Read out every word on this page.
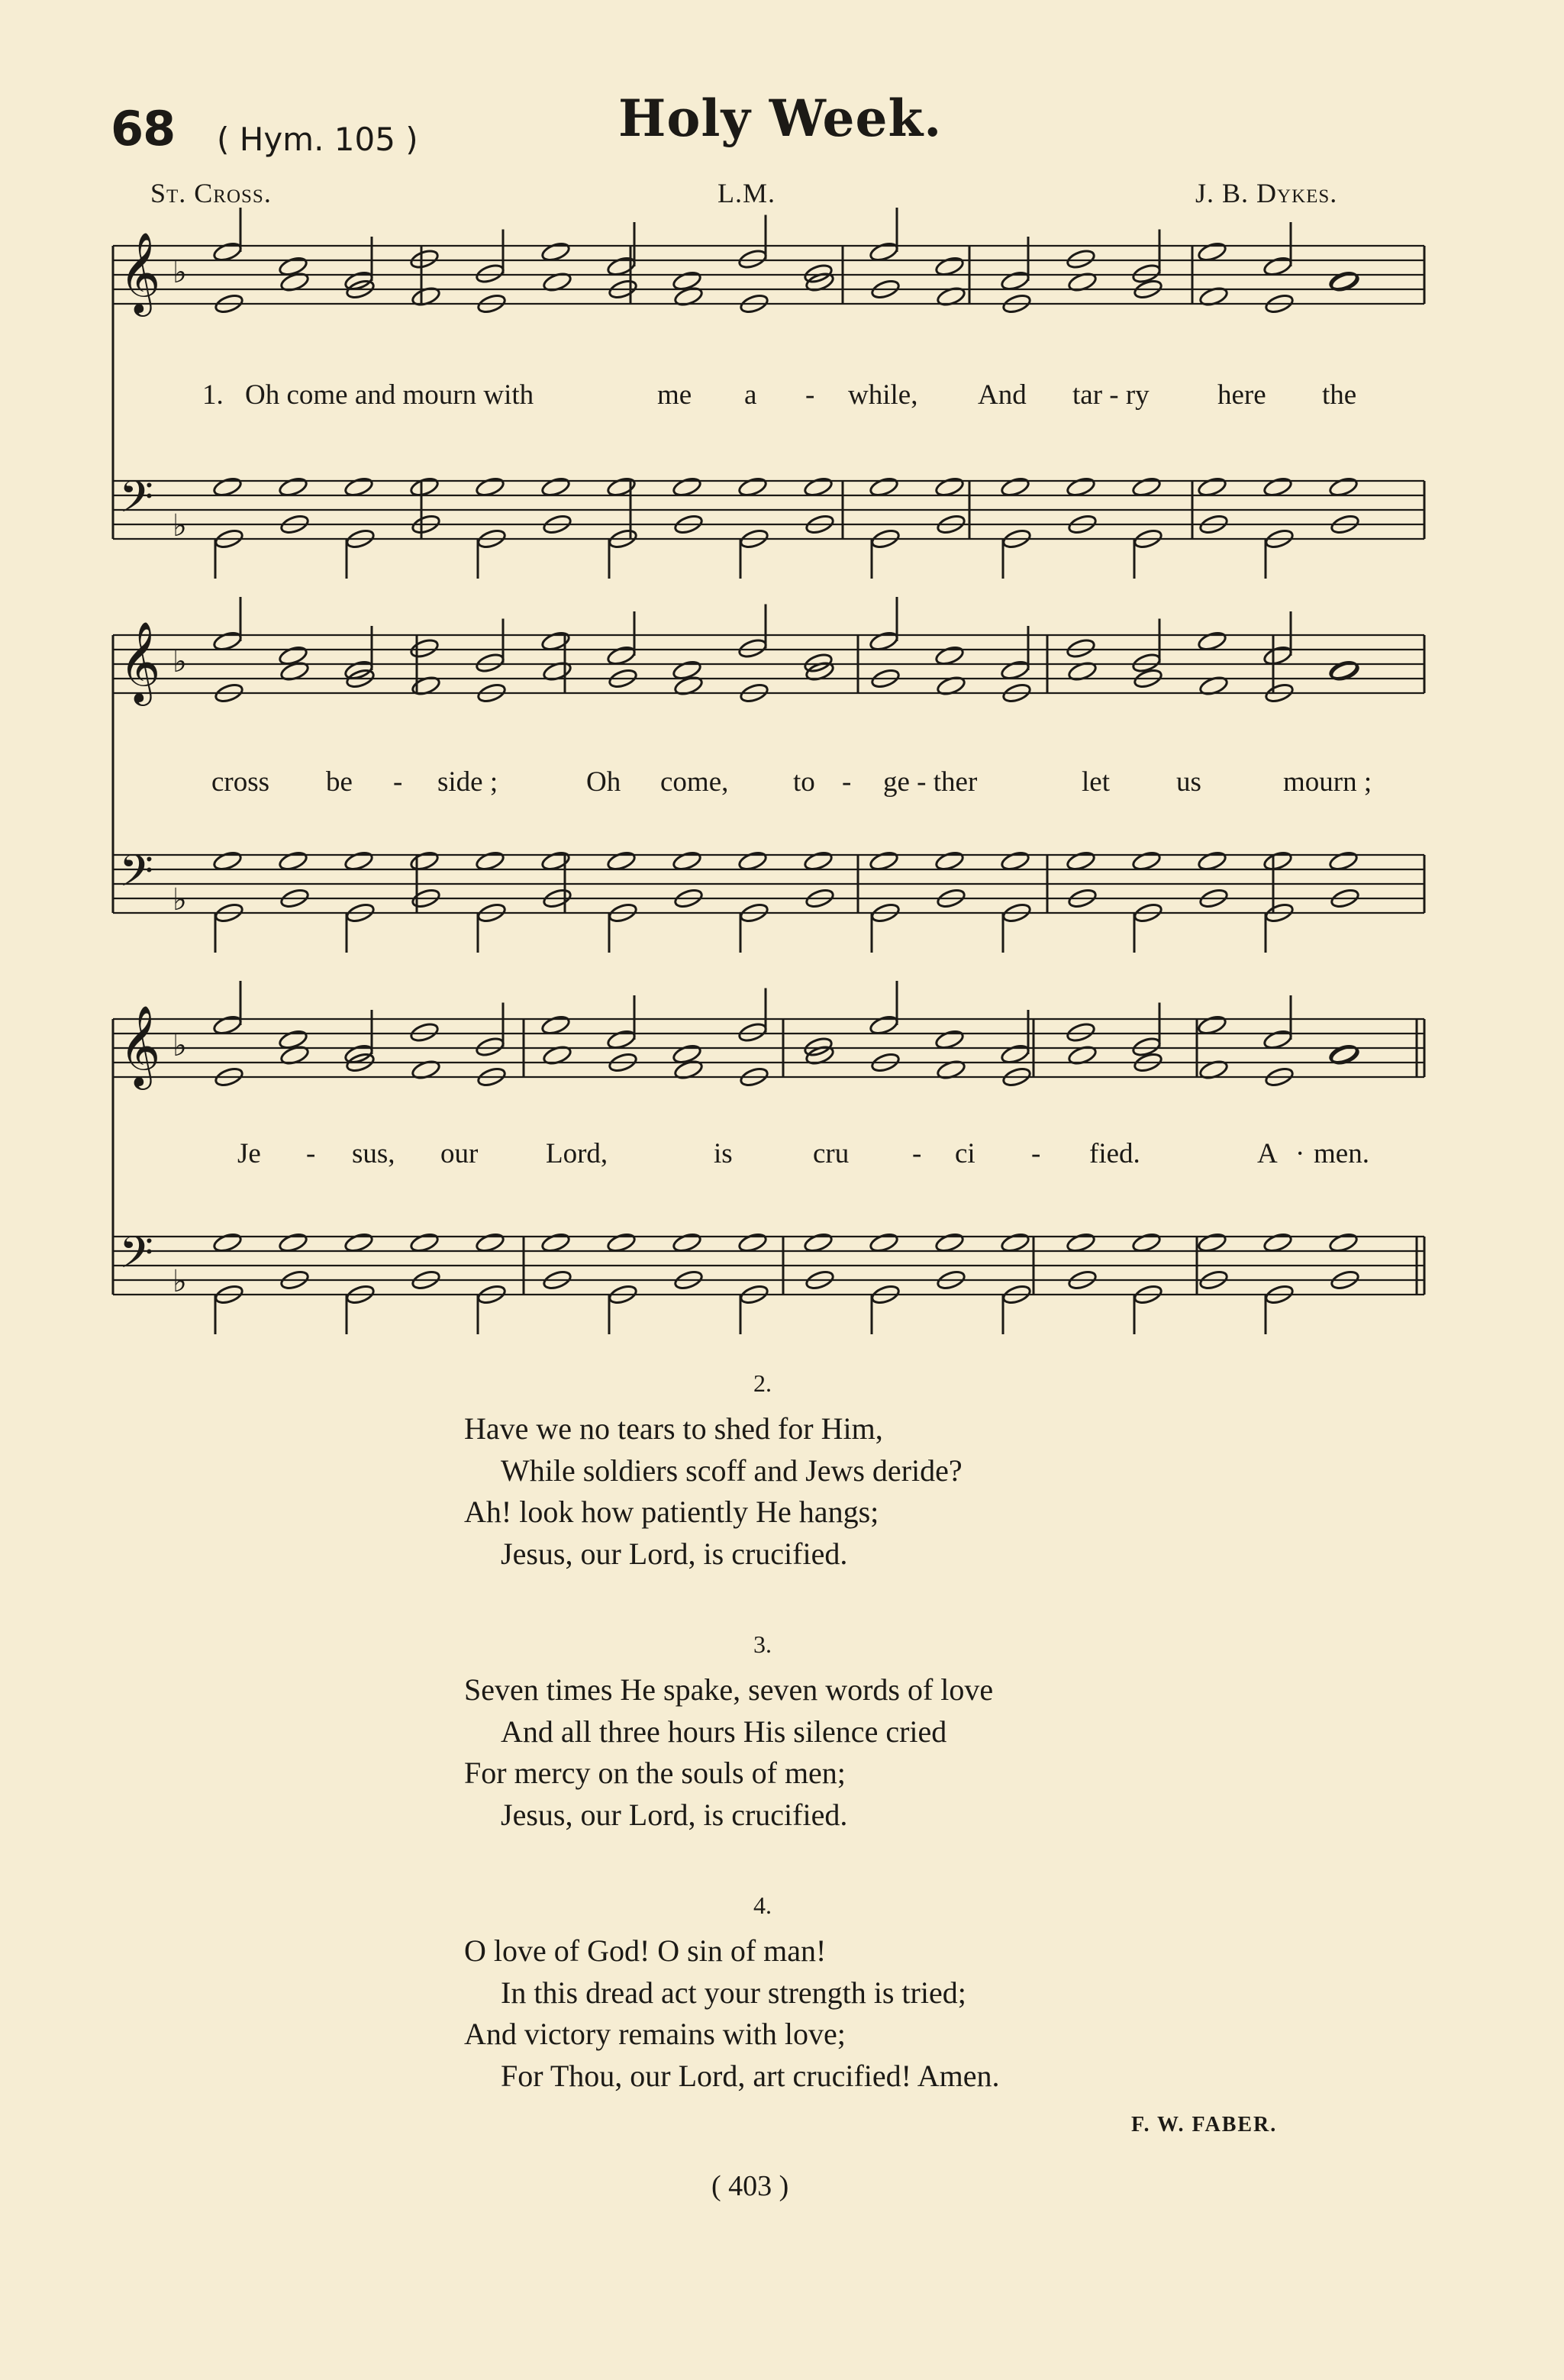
68 ( Hym. 105 )	Holy Week.
St. Cross.	L.M.	J. B. Dykes.
𝄞 ♭
𝄢 ♭
𝄞 ♭
𝄢 ♭
𝄞 ♭
𝄢 ♭
1. Oh come and mourn with	me a - while, And tar - ry here the
cross be - side ;	Oh come, to - ge - ther	let us	mourn ;
Je - sus, our Lord,	is	cru - ci - fied.	A · men.
2.
Have we no tears to shed for Him,
While soldiers scoff and Jews deride?
Ah! look how patiently He hangs;
Jesus, our Lord, is crucified.
3.
Seven times He spake, seven words of love
And all three hours His silence cried
For mercy on the souls of men;
Jesus, our Lord, is crucified.
4.
O love of God! O sin of man!
In this dread act your strength is tried;
And victory remains with love;
For Thou, our Lord, art crucified! Amen.
F. W. FABER.
( 403 )
